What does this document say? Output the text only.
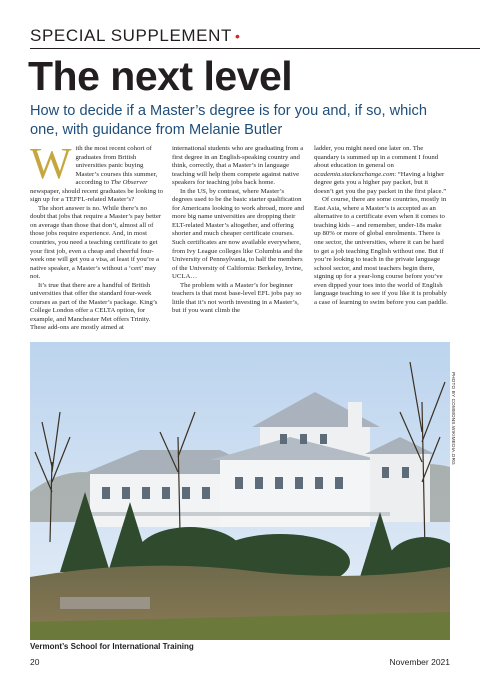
SPECIAL SUPPLEMENT •
The next level

How to decide if a Master’s degree is for you and, if so, which one, with guidance from Melanie Butler

With the most recent cohort of graduates from British universities panic buying Master’s courses this summer, according to The Observer newspaper, should recent graduates be looking to sign up for a TEFFL-related Master’s?

The short answer is no. While there’s no doubt that jobs that require a Master’s pay better on average than those that don’t, almost all of those jobs require experience. And, in most countries, you need a teaching certificate to get your first job, even a cheap and cheerful four-week one will get you a visa, at least if you’re a native speaker, a Master’s without a ‘cert’ may not.

It’s true that there are a handful of British universities that offer the standard four-week courses as part of the Master’s package. King’s College London offer a CELTA option, for example, and Manchester Met offers Trinity. These add-ons are mostly aimed at

international students who are graduating from a first degree in an English-speaking country and think, correctly, that a Master’s in language teaching will help them compete against native speakers for teaching jobs back home.

In the US, by contrast, where Master’s degrees used to be the basic starter qualification for Americans looking to work abroad, more and more big name universities are dropping their ELT-related Master’s altogether, and offering shorter and much cheaper certificate courses. Such certificates are now available everywhere, from Ivy League colleges like Columbia and the University of Pennsylvania, to half the members of the University of California: Berkeley, Irvine, UCLA…

The problem with a Master’s for beginner teachers is that most base-level EFL jobs pay so little that it’s not worth investing in a Master’s, but if you want climb the

ladder, you might need one later on. The quandary is summed up in a comment I found about education in general on academia.stackexchange.com: “Having a higher degree gets you a higher pay packet, but it doesn’t get you the pay packet in the first place.”

Of course, there are some countries, mostly in East Asia, where a Master’s is accepted as an alternative to a certificate even when it comes to teaching kids – and remember, under-18s make up 80% or more of global enrolments. There is one sector, the universities, where it can be hard to get a job teaching English without one. But if you’re looking to teach in the private language school sector, and most teachers begin there, signing up for a year-long course before you’ve even dipped your toes into the world of English language teaching to see if you like it is probably a case of learning to swim before you can paddle.

PHOTO BY COMMONS.WIKIMEDIA.ORG
Vermont’s School for International Training
20	November 2021
